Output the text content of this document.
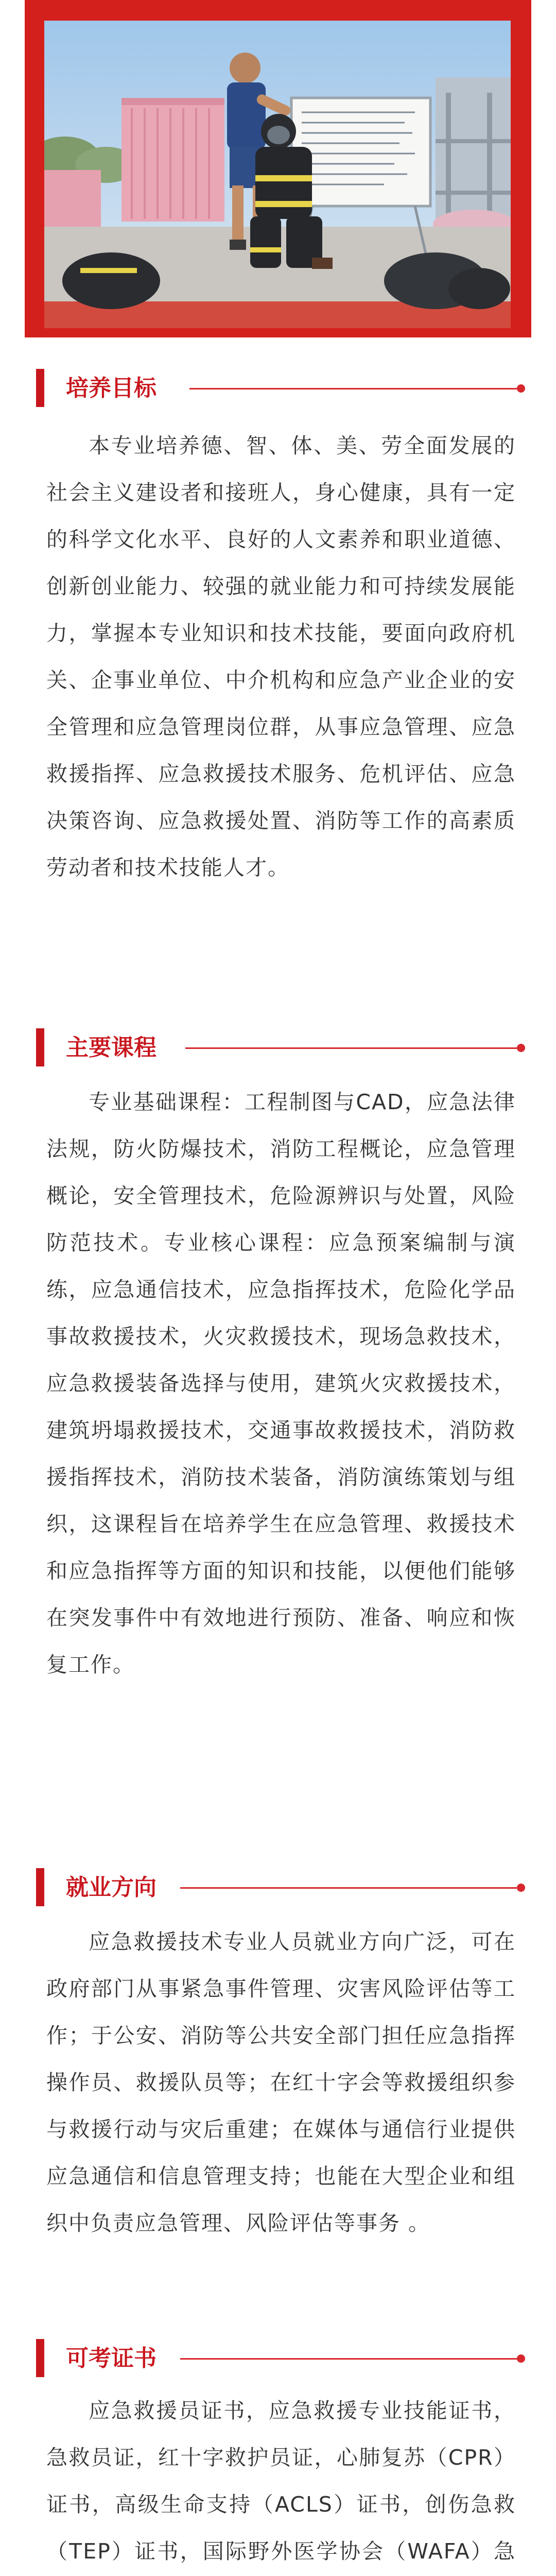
培养目标
本专业培养德、智、体、美、劳全面发展的社会主义建设者和接班人，身心健康，具有一定的科学文化水平、良好的人文素养和职业道德、创新创业能力、较强的就业能力和可持续发展能力，掌握本专业知识和技术技能，要面向政府机关、企事业单位、中介机构和应急产业企业的安全管理和应急管理岗位群，从事应急管理、应急救援指挥、应急救援技术服务、危机评估、应急决策咨询、应急救援处置、消防等工作的高素质劳动者和技术技能人才。
主要课程
专业基础课程：工程制图与CAD，应急法律法规，防火防爆技术，消防工程概论，应急管理概论，安全管理技术，危险源辨识与处置，风险防范技术。专业核心课程：应急预案编制与演练，应急通信技术，应急指挥技术，危险化学品事故救援技术，火灾救援技术，现场急救技术，应急救援装备选择与使用，建筑火灾救援技术，建筑坍塌救援技术，交通事故救援技术，消防救援指挥技术，消防技术装备，消防演练策划与组织，这课程旨在培养学生在应急管理、救援技术和应急指挥等方面的知识和技能，以便他们能够在突发事件中有效地进行预防、准备、响应和恢复工作。
就业方向
应急救援技术专业人员就业方向广泛，可在政府部门从事紧急事件管理、灾害风险评估等工作；于公安、消防等公共安全部门担任应急指挥操作员、救援队员等；在红十字会等救援组织参与救援行动与灾后重建；在媒体与通信行业提供应急通信和信息管理支持；也能在大型企业和组织中负责应急管理、风险评估等事务 。
可考证书
应急救援员证书，应急救援专业技能证书，急救员证，红十字救护员证，心肺复苏（CPR）证书，高级生命支持（ACLS）证书，创伤急救（TEP）证书，国际野外医学协会（WAFA）急
